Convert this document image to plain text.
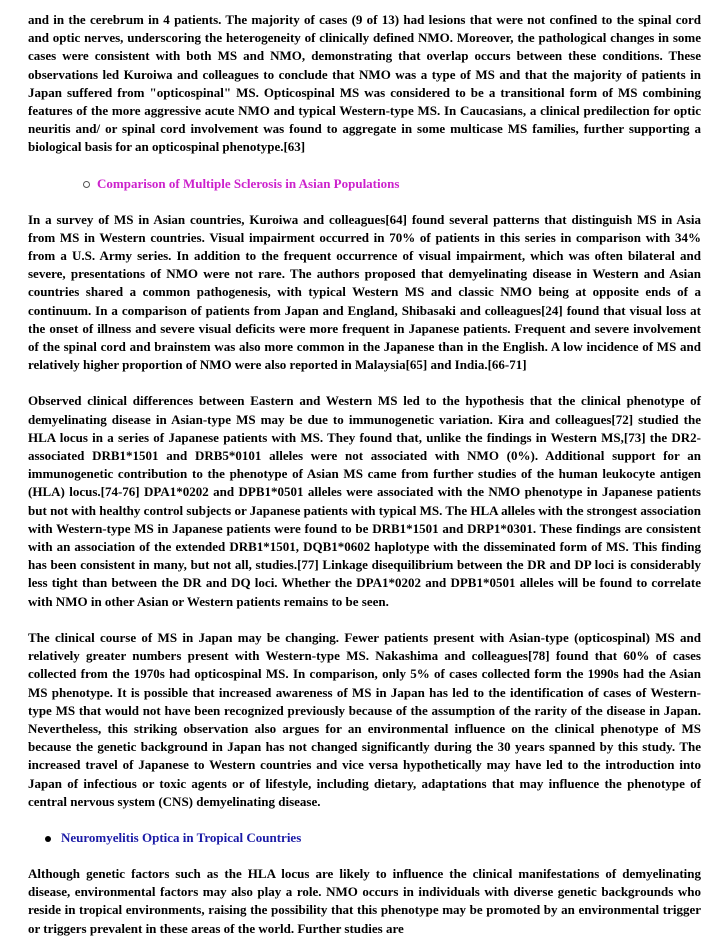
and in the cerebrum in 4 patients. The majority of cases (9 of 13) had lesions that were not confined to the spinal cord and optic nerves, underscoring the heterogeneity of clinically defined NMO. Moreover, the pathological changes in some cases were consistent with both MS and NMO, demonstrating that overlap occurs between these conditions. These observations led Kuroiwa and colleagues to conclude that NMO was a type of MS and that the majority of patients in Japan suffered from "opticospinal" MS. Opticospinal MS was considered to be a transitional form of MS combining features of the more aggressive acute NMO and typical Western-type MS. In Caucasians, a clinical predilection for optic neuritis and/ or spinal cord involvement was found to aggregate in some multicase MS families, further supporting a biological basis for an opticospinal phenotype.[63]

Comparison of Multiple Sclerosis in Asian Populations

In a survey of MS in Asian countries, Kuroiwa and colleagues[64] found several patterns that distinguish MS in Asia from MS in Western countries. Visual impairment occurred in 70% of patients in this series in comparison with 34% from a U.S. Army series. In addition to the frequent occurrence of visual impairment, which was often bilateral and severe, presentations of NMO were not rare. The authors proposed that demyelinating disease in Western and Asian countries shared a common pathogenesis, with typical Western MS and classic NMO being at opposite ends of a continuum. In a comparison of patients from Japan and England, Shibasaki and colleagues[24] found that visual loss at the onset of illness and severe visual deficits were more frequent in Japanese patients. Frequent and severe involvement of the spinal cord and brainstem was also more common in the Japanese than in the English. A low incidence of MS and relatively higher proportion of NMO were also reported in Malaysia[65] and India.[66-71]

Observed clinical differences between Eastern and Western MS led to the hypothesis that the clinical phenotype of demyelinating disease in Asian-type MS may be due to immunogenetic variation. Kira and colleagues[72] studied the HLA locus in a series of Japanese patients with MS. They found that, unlike the findings in Western MS,[73] the DR2-associated DRB1*1501 and DRB5*0101 alleles were not associated with NMO (0%). Additional support for an immunogenetic contribution to the phenotype of Asian MS came from further studies of the human leukocyte antigen (HLA) locus.[74-76] DPA1*0202 and DPB1*0501 alleles were associated with the NMO phenotype in Japanese patients but not with healthy control subjects or Japanese patients with typical MS. The HLA alleles with the strongest association with Western-type MS in Japanese patients were found to be DRB1*1501 and DRP1*0301. These findings are consistent with an association of the extended DRB1*1501, DQB1*0602 haplotype with the disseminated form of MS. This finding has been consistent in many, but not all, studies.[77] Linkage disequilibrium between the DR and DP loci is considerably less tight than between the DR and DQ loci. Whether the DPA1*0202 and DPB1*0501 alleles will be found to correlate with NMO in other Asian or Western patients remains to be seen.

The clinical course of MS in Japan may be changing. Fewer patients present with Asian-type (opticospinal) MS and relatively greater numbers present with Western-type MS. Nakashima and colleagues[78] found that 60% of cases collected from the 1970s had opticospinal MS. In comparison, only 5% of cases collected form the 1990s had the Asian MS phenotype. It is possible that increased awareness of MS in Japan has led to the identification of cases of Western-type MS that would not have been recognized previously because of the assumption of the rarity of the disease in Japan. Nevertheless, this striking observation also argues for an environmental influence on the clinical phenotype of MS because the genetic background in Japan has not changed significantly during the 30 years spanned by this study. The increased travel of Japanese to Western countries and vice versa hypothetically may have led to the introduction into Japan of infectious or toxic agents or of lifestyle, including dietary, adaptations that may influence the phenotype of central nervous system (CNS) demyelinating disease.

Neuromyelitis Optica in Tropical Countries

Although genetic factors such as the HLA locus are likely to influence the clinical manifestations of demyelinating disease, environmental factors may also play a role. NMO occurs in individuals with diverse genetic backgrounds who reside in tropical environments, raising the possibility that this phenotype may be promoted by an environmental trigger or triggers prevalent in these areas of the world. Further studies are
